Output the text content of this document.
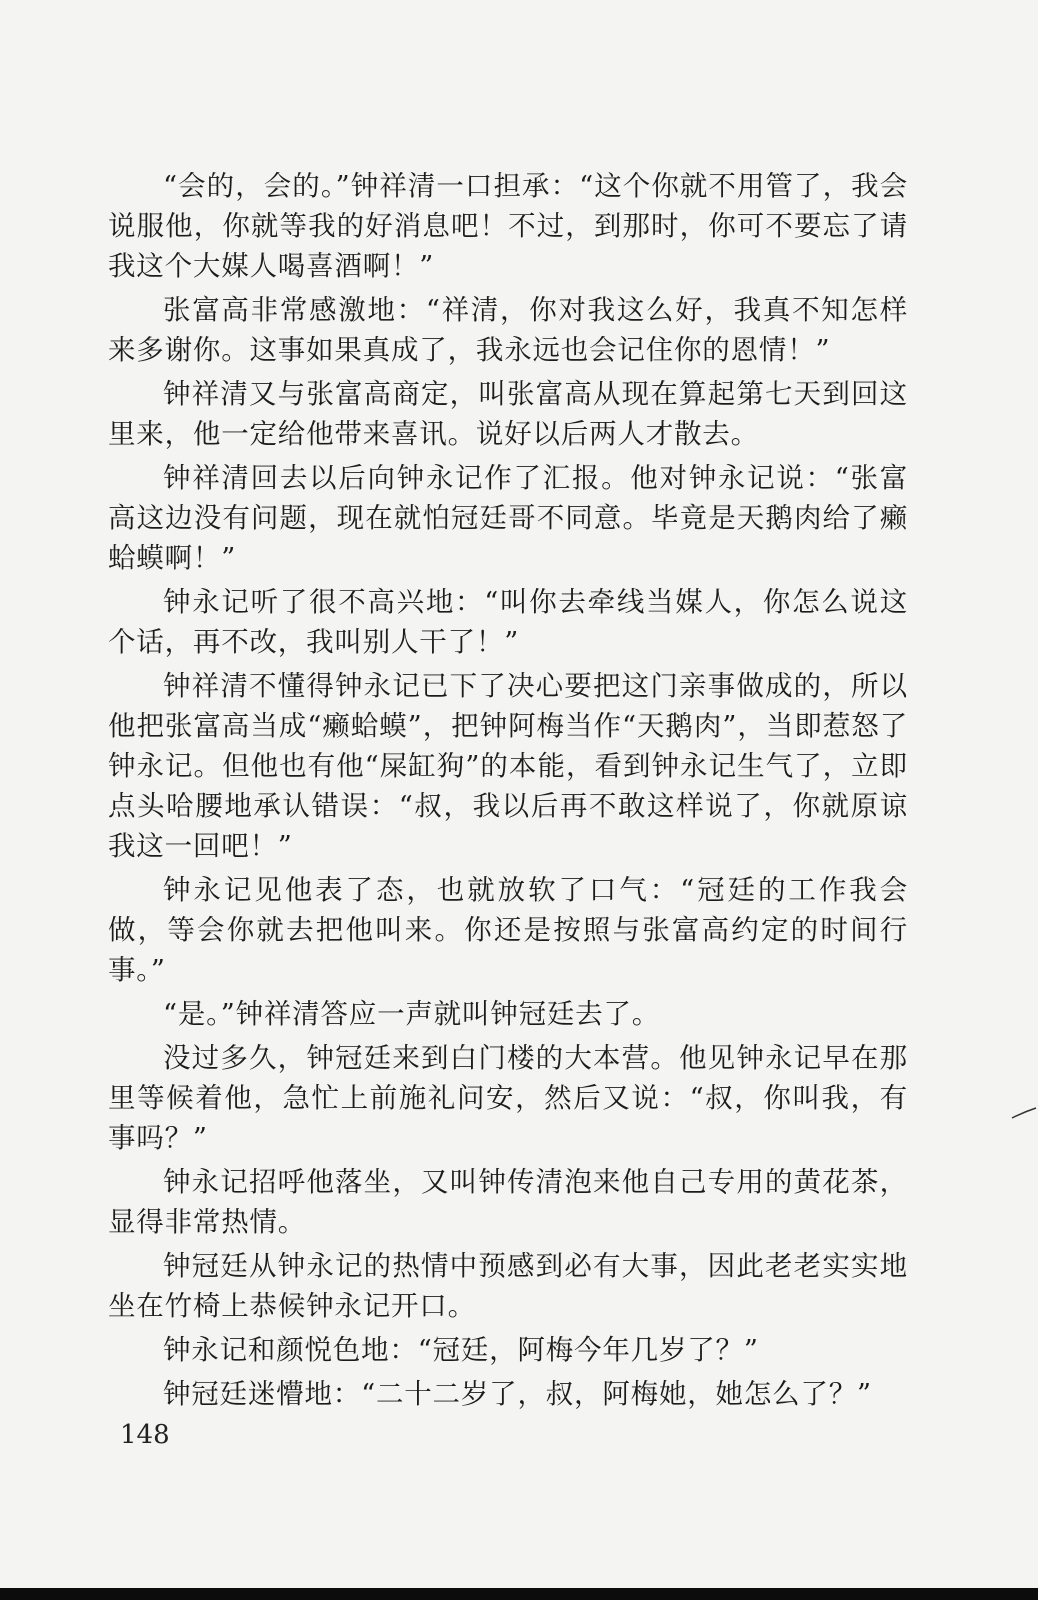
“会的，会的。”钟祥清一口担承：“这个你就不用管了，我会说服他，你就等我的好消息吧！不过，到那时，你可不要忘了请我这个大媒人喝喜酒啊！”

张富高非常感激地：“祥清，你对我这么好，我真不知怎样来多谢你。这事如果真成了，我永远也会记住你的恩情！”

钟祥清又与张富高商定，叫张富高从现在算起第七天到回这里来，他一定给他带来喜讯。说好以后两人才散去。

钟祥清回去以后向钟永记作了汇报。他对钟永记说：“张富高这边没有问题，现在就怕冠廷哥不同意。毕竟是天鹅肉给了癞蛤蟆啊！”

钟永记听了很不高兴地：“叫你去牵线当媒人，你怎么说这个话，再不改，我叫别人干了！”

钟祥清不懂得钟永记已下了决心要把这门亲事做成的，所以他把张富高当成“癞蛤蟆”，把钟阿梅当作“天鹅肉”，当即惹怒了钟永记。但他也有他“屎缸狗”的本能，看到钟永记生气了，立即点头哈腰地承认错误：“叔，我以后再不敢这样说了，你就原谅我这一回吧！”

钟永记见他表了态，也就放软了口气：“冠廷的工作我会做，等会你就去把他叫来。你还是按照与张富高约定的时间行事。”

“是。”钟祥清答应一声就叫钟冠廷去了。

没过多久，钟冠廷来到白门楼的大本营。他见钟永记早在那里等候着他，急忙上前施礼问安，然后又说：“叔，你叫我，有事吗？”

钟永记招呼他落坐，又叫钟传清泡来他自己专用的黄花茶，显得非常热情。

钟冠廷从钟永记的热情中预感到必有大事，因此老老实实地坐在竹椅上恭候钟永记开口。

钟永记和颜悦色地：“冠廷，阿梅今年几岁了？”

钟冠廷迷懵地：“二十二岁了，叔，阿梅她，她怎么了？”

148
